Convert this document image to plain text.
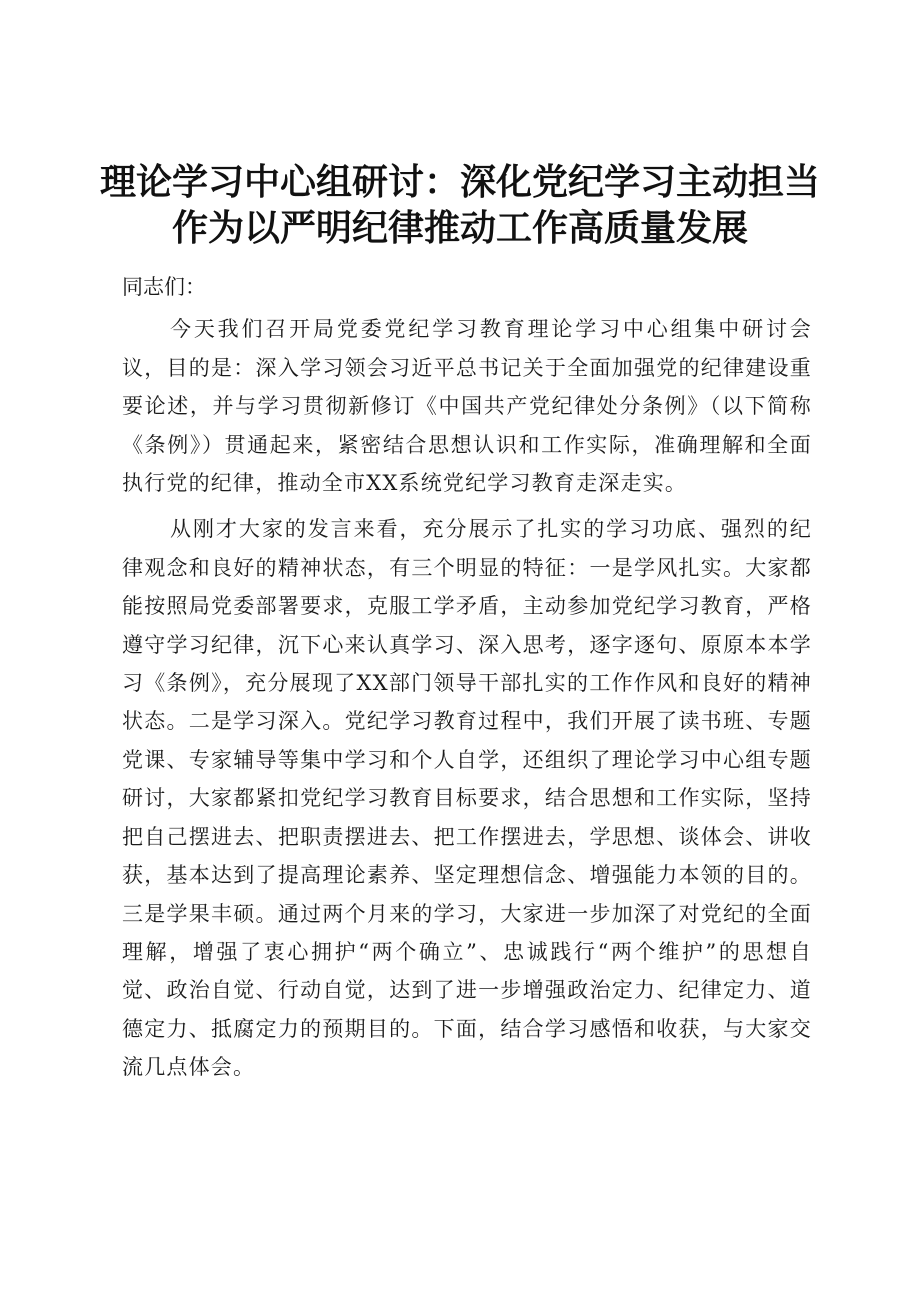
理论学习中心组研讨：深化党纪学习主动担当
作为以严明纪律推动工作高质量发展

同志们：

今天我们召开局党委党纪学习教育理论学习中心组集中研讨会议，目的是：深入学习领会习近平总书记关于全面加强党的纪律建设重要论述，并与学习贯彻新修订《中国共产党纪律处分条例》（以下简称《条例》）贯通起来，紧密结合思想认识和工作实际，准确理解和全面执行党的纪律，推动全市XX系统党纪学习教育走深走实。

从刚才大家的发言来看，充分展示了扎实的学习功底、强烈的纪律观念和良好的精神状态，有三个明显的特征：一是学风扎实。大家都能按照局党委部署要求，克服工学矛盾，主动参加党纪学习教育，严格遵守学习纪律，沉下心来认真学习、深入思考，逐字逐句、原原本本学习《条例》，充分展现了XX部门领导干部扎实的工作作风和良好的精神状态。二是学习深入。党纪学习教育过程中，我们开展了读书班、专题党课、专家辅导等集中学习和个人自学，还组织了理论学习中心组专题研讨，大家都紧扣党纪学习教育目标要求，结合思想和工作实际，坚持把自己摆进去、把职责摆进去、把工作摆进去，学思想、谈体会、讲收获，基本达到了提高理论素养、坚定理想信念、增强能力本领的目的。三是学果丰硕。通过两个月来的学习，大家进一步加深了对党纪的全面理解，增强了衷心拥护“两个确立”、忠诚践行“两个维护”的思想自觉、政治自觉、行动自觉，达到了进一步增强政治定力、纪律定力、道德定力、抵腐定力的预期目的。下面，结合学习感悟和收获，与大家交流几点体会。
